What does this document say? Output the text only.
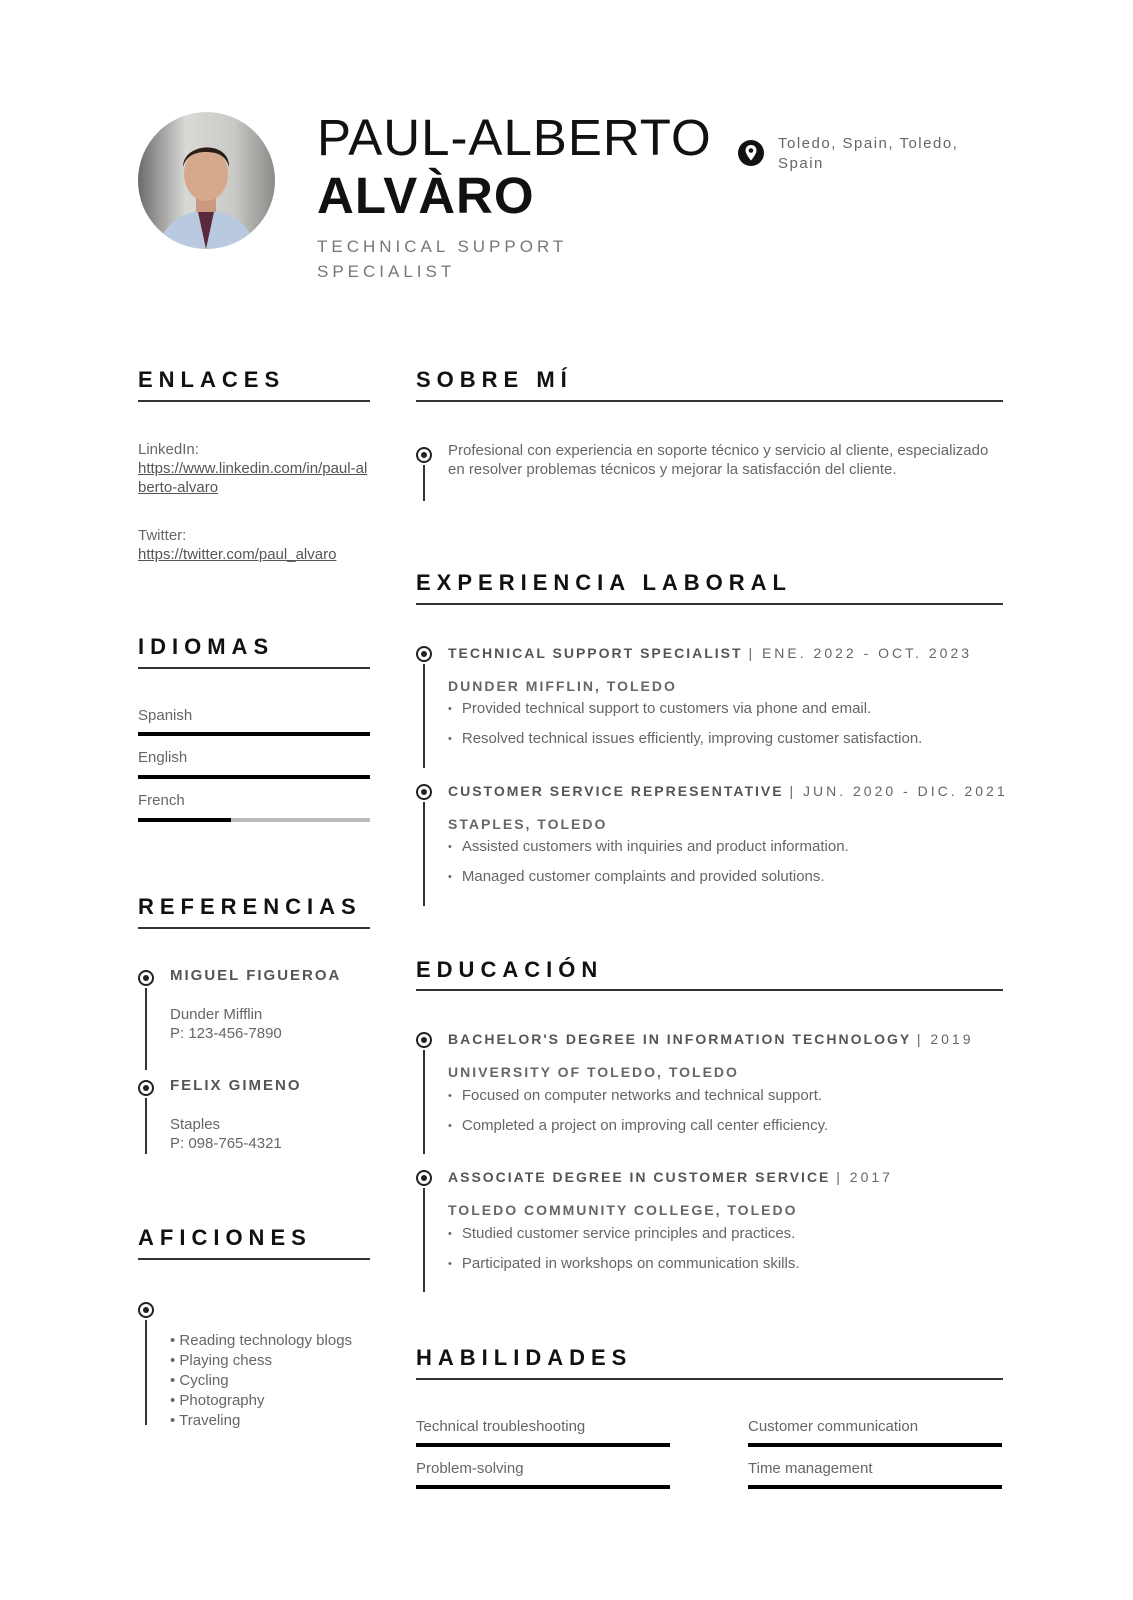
PAUL-ALBERTO
ALVÀRO
TECHNICAL SUPPORT SPECIALIST
Toledo, Spain, Toledo, Spain
ENLACES
LinkedIn:
https://www.linkedin.com/in/paul-alberto-alvaro
Twitter:
https://twitter.com/paul_alvaro
IDIOMAS
Spanish
English
French
REFERENCIAS
MIGUEL FIGUEROA
Dunder Mifflin
P: 123-456-7890
FELIX GIMENO
Staples
P: 098-765-4321
AFICIONES
• Reading technology blogs
• Playing chess
• Cycling
• Photography
• Traveling
SOBRE MÍ
Profesional con experiencia en soporte técnico y servicio al cliente, especializado en resolver problemas técnicos y mejorar la satisfacción del cliente.
EXPERIENCIA LABORAL
TECHNICAL SUPPORT SPECIALIST | ENE. 2022 - OCT. 2023
DUNDER MIFFLIN, TOLEDO
• Provided technical support to customers via phone and email.
• Resolved technical issues efficiently, improving customer satisfaction.
CUSTOMER SERVICE REPRESENTATIVE | JUN. 2020 - DIC. 2021
STAPLES, TOLEDO
• Assisted customers with inquiries and product information.
• Managed customer complaints and provided solutions.
EDUCACIÓN
BACHELOR'S DEGREE IN INFORMATION TECHNOLOGY | 2019
UNIVERSITY OF TOLEDO, TOLEDO
• Focused on computer networks and technical support.
• Completed a project on improving call center efficiency.
ASSOCIATE DEGREE IN CUSTOMER SERVICE | 2017
TOLEDO COMMUNITY COLLEGE, TOLEDO
• Studied customer service principles and practices.
• Participated in workshops on communication skills.
HABILIDADES
Technical troubleshooting	Customer communication
Problem-solving	Time management
